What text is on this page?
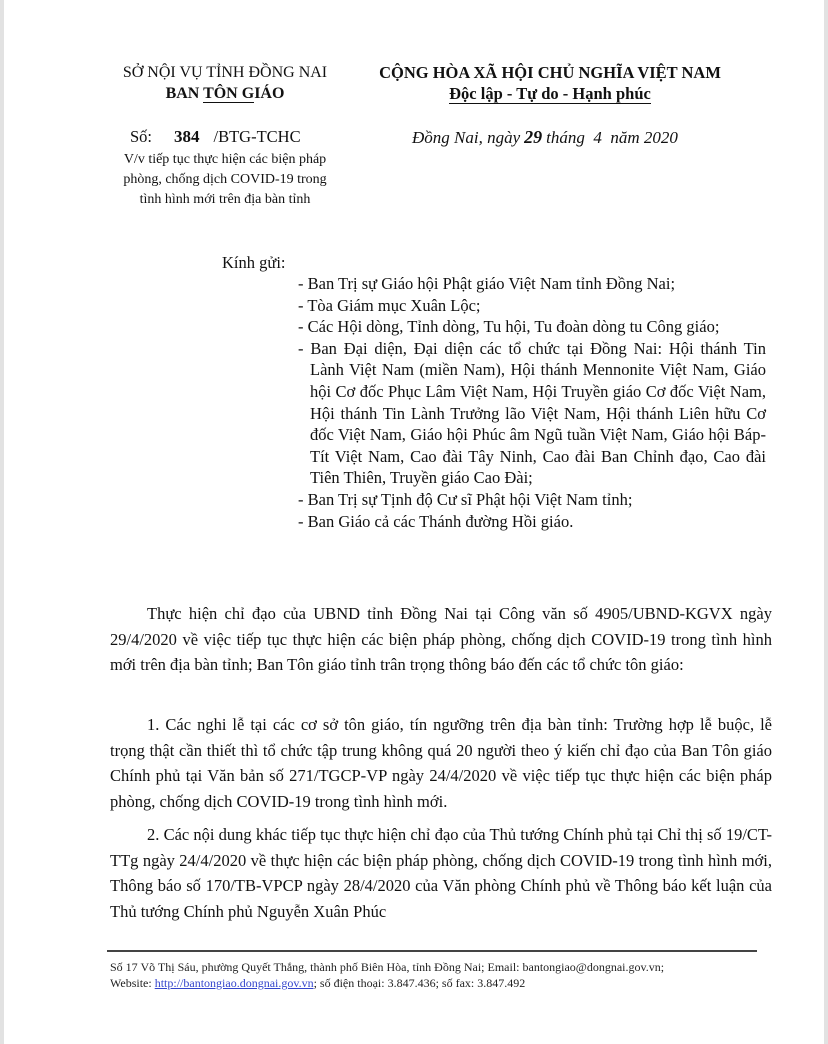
SỞ NỘI VỤ TỈNH ĐỒNG NAI
BAN TÔN GIÁO
CỘNG HÒA XÃ HỘI CHỦ NGHĨA VIỆT NAM
Độc lập - Tự do - Hạnh phúc
Số: 384 /BTG-TCHC	Đồng Nai, ngày 29 tháng  4  năm 2020
V/v tiếp tục thực hiện các biện pháp
phòng, chống dịch COVID-19 trong
tình hình mới trên địa bàn tỉnh
Kính gửi:
- Ban Trị sự Giáo hội Phật giáo Việt Nam tỉnh Đồng Nai;
- Tòa Giám mục Xuân Lộc;
- Các Hội dòng, Tỉnh dòng, Tu hội, Tu đoàn dòng tu Công giáo;
- Ban Đại diện, Đại diện các tổ chức tại Đồng Nai: Hội thánh Tin Lành Việt Nam (miền Nam), Hội thánh Mennonite Việt Nam, Giáo hội Cơ đốc Phục Lâm Việt Nam, Hội Truyền giáo Cơ đốc Việt Nam, Hội thánh Tin Lành Trưởng lão Việt Nam, Hội thánh Liên hữu Cơ đốc Việt Nam, Giáo hội Phúc âm Ngũ tuần Việt Nam, Giáo hội Báp-Tít Việt Nam, Cao đài Tây Ninh, Cao đài Ban Chỉnh đạo, Cao đài Tiên Thiên, Truyền giáo Cao Đài;
- Ban Trị sự Tịnh độ Cư sĩ Phật hội Việt Nam tỉnh;
- Ban Giáo cả các Thánh đường Hồi giáo.

Thực hiện chỉ đạo của UBND tỉnh Đồng Nai tại Công văn số 4905/UBND-KGVX ngày 29/4/2020 về việc tiếp tục thực hiện các biện pháp phòng, chống dịch COVID-19 trong tình hình mới trên địa bàn tỉnh; Ban Tôn giáo tỉnh trân trọng thông báo đến các tổ chức tôn giáo:

1. Các nghi lễ tại các cơ sở tôn giáo, tín ngưỡng trên địa bàn tỉnh: Trường hợp lễ buộc, lễ trọng thật cần thiết thì tổ chức tập trung không quá 20 người theo ý kiến chỉ đạo của Ban Tôn giáo Chính phủ tại Văn bản số 271/TGCP-VP ngày 24/4/2020 về việc tiếp tục thực hiện các biện pháp phòng, chống dịch COVID-19 trong tình hình mới.

2. Các nội dung khác tiếp tục thực hiện chỉ đạo của Thủ tướng Chính phủ tại Chỉ thị số 19/CT-TTg ngày 24/4/2020 về thực hiện các biện pháp phòng, chống dịch COVID-19 trong tình hình mới, Thông báo số 170/TB-VPCP ngày 28/4/2020 của Văn phòng Chính phủ về Thông báo kết luận của Thủ tướng Chính phủ Nguyễn Xuân Phúc

Số 17 Võ Thị Sáu, phường Quyết Thắng, thành phố Biên Hòa, tỉnh Đồng Nai; Email: bantongiao@dongnai.gov.vn;
Website: http://bantongiao.dongnai.gov.vn; số điện thoại: 3.847.436; số fax: 3.847.492
